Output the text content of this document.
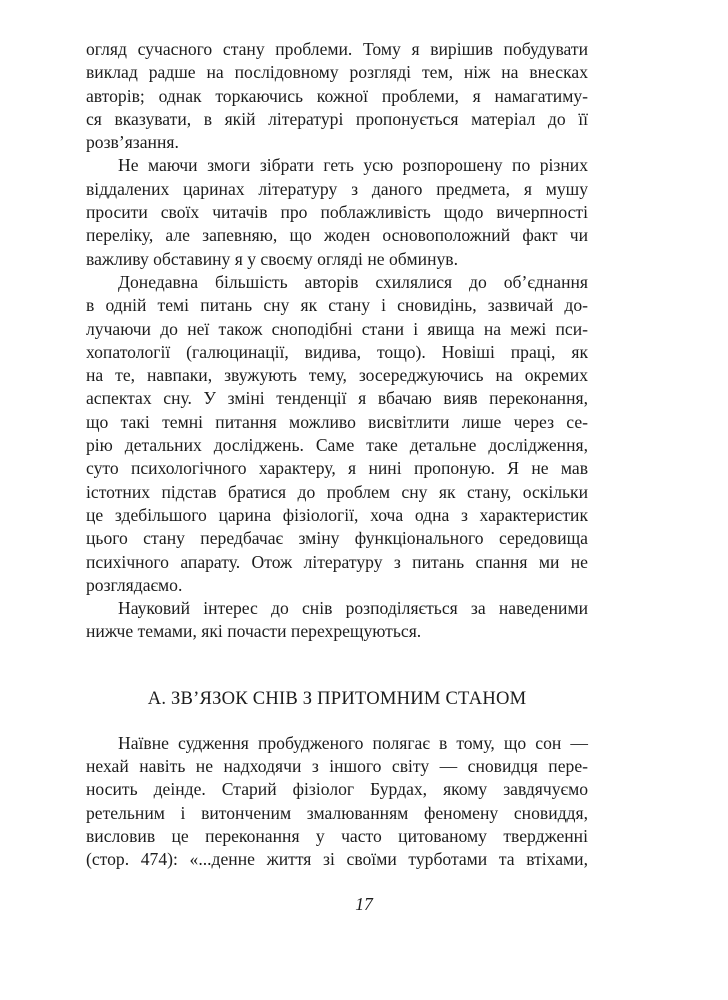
огляд сучасного стану проблеми. Тому я вирішив побудувати
виклад радше на послідовному розгляді тем, ніж на внесках
авторів; однак торкаючись кожної проблеми, я намагатиму-
ся вказувати, в якій літературі пропонується матеріал до її
розв’язання.
Не маючи змоги зібрати геть усю розпорошену по різних
віддалених царинах літературу з даного предмета, я мушу
просити своїх читачів про поблажливість щодо вичерпності
переліку, але запевняю, що жоден основоположний факт чи
важливу обставину я у своєму огляді не обминув.
Донедавна більшість авторів схилялися до об’єднання
в одній темі питань сну як стану і сновидінь, зазвичай до-
лучаючи до неї також сноподібні стани і явища на межі пси-
хопатології (галюцинації, видива, тощо). Новіші праці, як
на те, навпаки, звужують тему, зосереджуючись на окремих
аспектах сну. У зміні тенденції я вбачаю вияв переконання,
що такі темні питання можливо висвітлити лише через се-
рію детальних досліджень. Саме таке детальне дослідження,
суто психологічного характеру, я нині пропоную. Я не мав
істотних підстав братися до проблем сну як стану, оскільки
це здебільшого царина фізіології, хоча одна з характеристик
цього стану передбачає зміну функціонального середовища
психічного апарату. Отож літературу з питань спання ми не
розглядаємо.
Науковий інтерес до снів розподіляється за наведеними
нижче темами, які почасти перехрещуються.
А. ЗВ’ЯЗОК СНІВ З ПРИТОМНИМ СТАНОМ
Наївне судження пробудженого полягає в тому, що сон —
нехай навіть не надходячи з іншого світу — сновидця пере-
носить деінде. Старий фізіолог Бурдах, якому завдячуємо
ретельним і витонченим змалюванням феномену сновиддя,
висловив це переконання у часто цитованому твердженні
(стор. 474): «...денне життя зі своїми турботами та втіхами,
17
